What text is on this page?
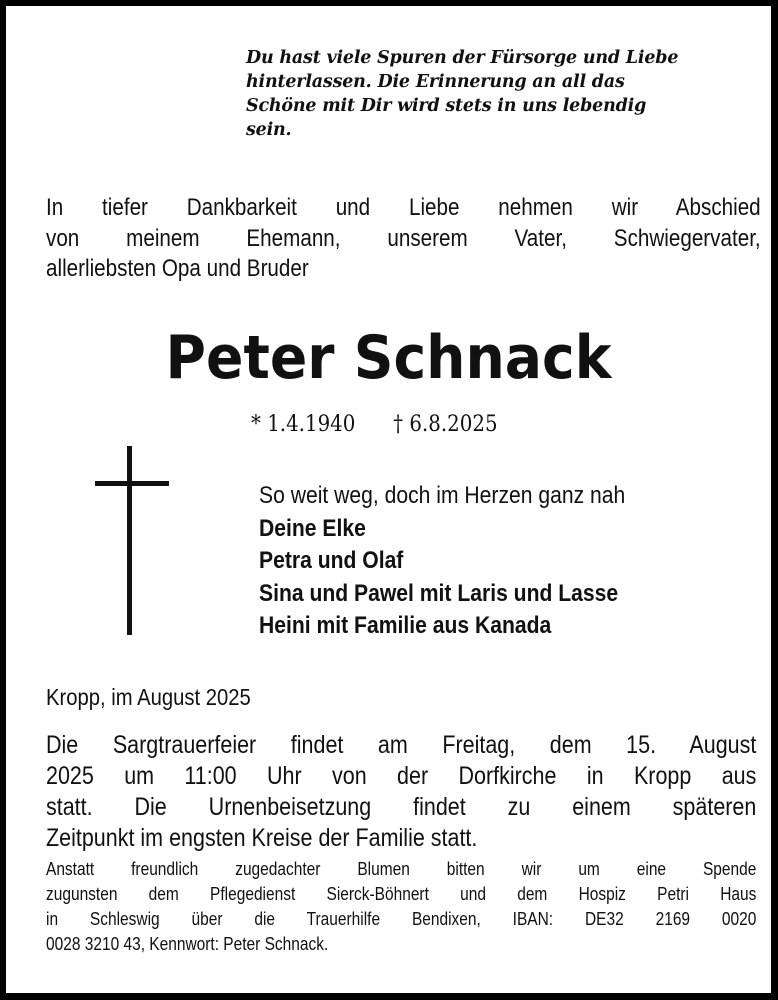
Du hast viele Spuren der Fürsorge und Liebe
hinterlassen. Die Erinnerung an all das
Schöne mit Dir wird stets in uns lebendig
sein.
In tiefer Dankbarkeit und Liebe nehmen wir Abschied
von meinem Ehemann, unserem Vater, Schwiegervater,
allerliebsten Opa und Bruder
Peter Schnack
* 1.4.1940 † 6.8.2025
So weit weg, doch im Herzen ganz nah
Deine Elke
Petra und Olaf
Sina und Pawel mit Laris und Lasse
Heini mit Familie aus Kanada
Kropp, im August 2025
Die Sargtrauerfeier findet am Freitag, dem 15. August
2025 um 11:00 Uhr von der Dorfkirche in Kropp aus
statt. Die Urnenbeisetzung findet zu einem späteren
Zeitpunkt im engsten Kreise der Familie statt.
Anstatt freundlich zugedachter Blumen bitten wir um eine Spende
zugunsten dem Pflegedienst Sierck-Böhnert und dem Hospiz Petri Haus
in Schleswig über die Trauerhilfe Bendixen, IBAN: DE32 2169 0020
0028 3210 43, Kennwort: Peter Schnack.
